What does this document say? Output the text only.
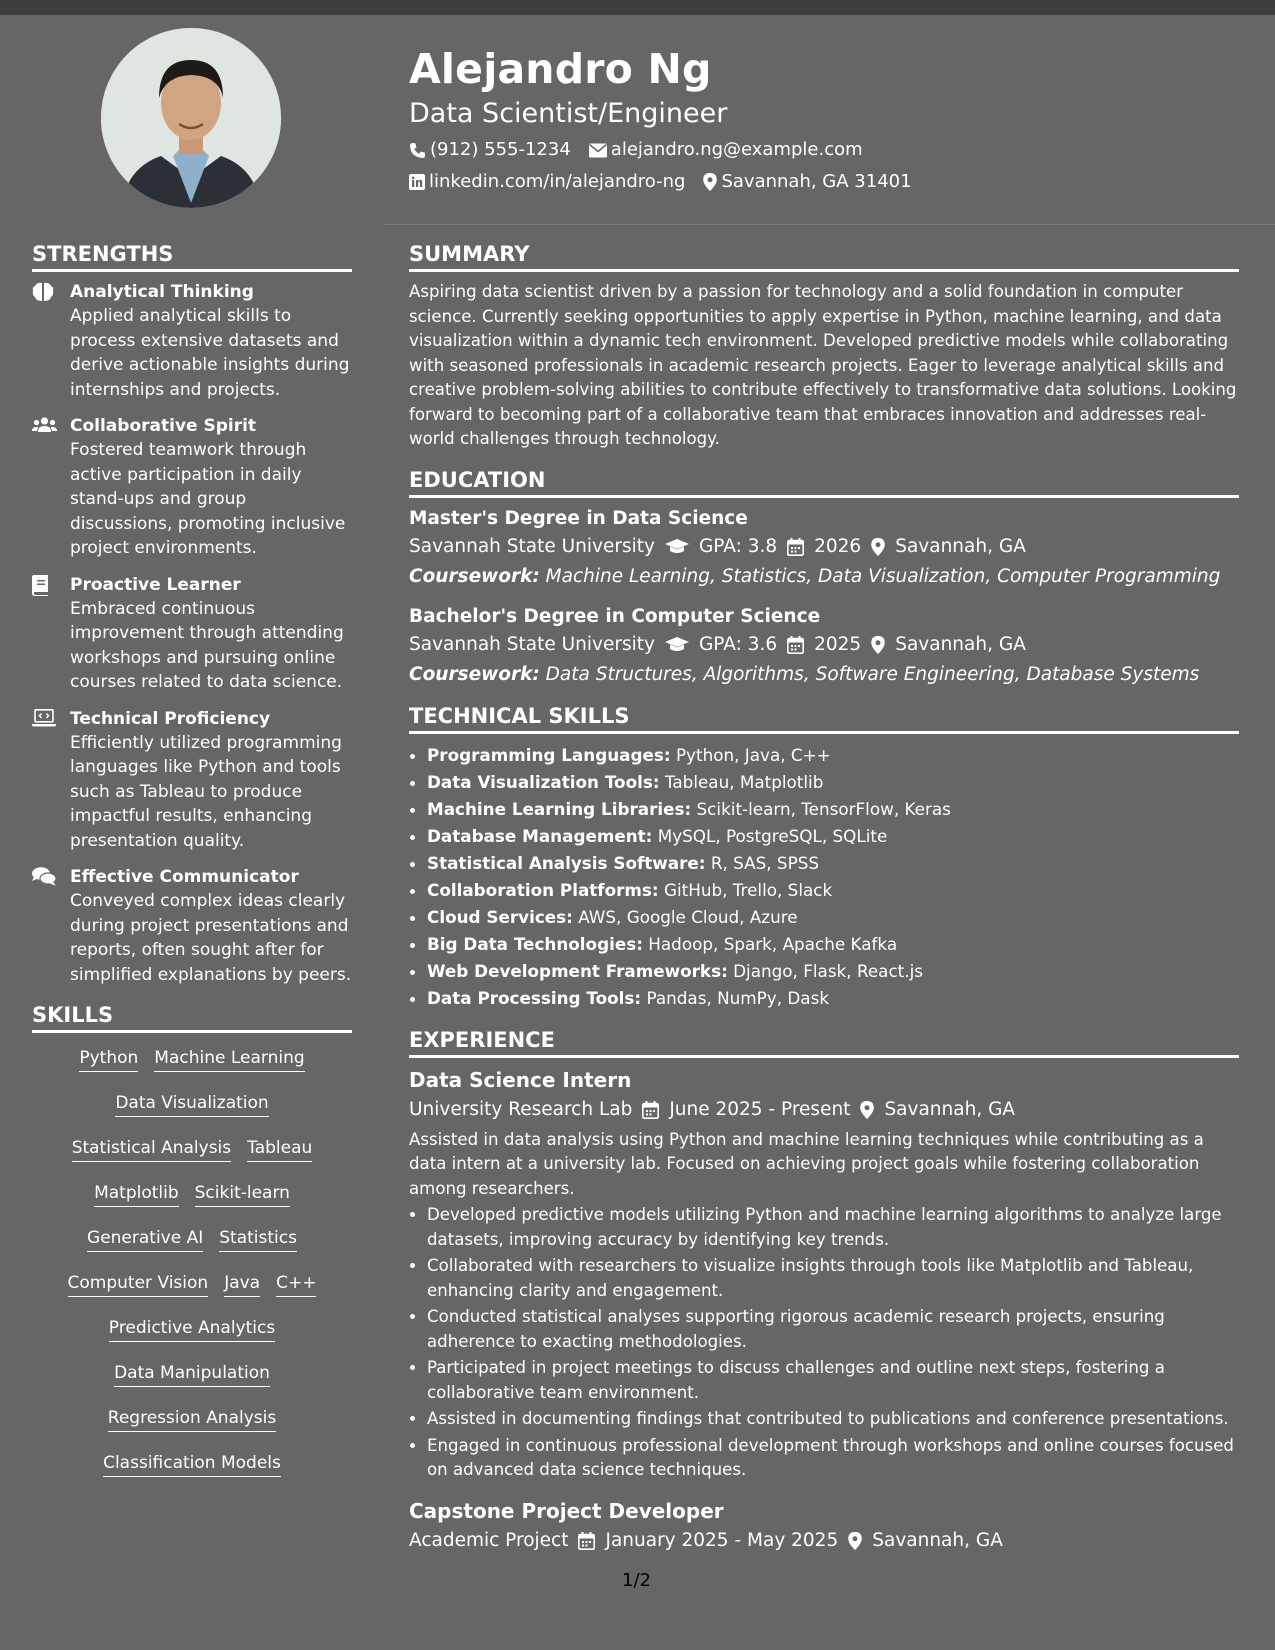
Alejandro Ng
Data Scientist/Engineer
(912) 555-1234 alejandro.ng@example.com
linkedin.com/in/alejandro-ng Savannah, GA 31401
STRENGTHS
Analytical Thinking
Applied analytical skills to process extensive datasets and derive actionable insights during internships and projects.
Collaborative Spirit
Fostered teamwork through active participation in daily stand-ups and group discussions, promoting inclusive project environments.
Proactive Learner
Embraced continuous improvement through attending workshops and pursuing online courses related to data science.
Technical Proficiency
Efficiently utilized programming languages like Python and tools such as Tableau to produce impactful results, enhancing presentation quality.
Effective Communicator
Conveyed complex ideas clearly during project presentations and reports, often sought after for simplified explanations by peers.
SKILLS
Python Machine Learning
Data Visualization
Statistical Analysis Tableau
Matplotlib Scikit-learn
Generative AI Statistics
Computer Vision Java C++
Predictive Analytics
Data Manipulation
Regression Analysis
Classification Models
SUMMARY
Aspiring data scientist driven by a passion for technology and a solid foundation in computer science. Currently seeking opportunities to apply expertise in Python, machine learning, and data visualization within a dynamic tech environment. Developed predictive models while collaborating with seasoned professionals in academic research projects. Eager to leverage analytical skills and creative problem-solving abilities to contribute effectively to transformative data solutions. Looking forward to becoming part of a collaborative team that embraces innovation and addresses real-world challenges through technology.
EDUCATION
Master's Degree in Data Science
Savannah State University GPA: 3.8 2026 Savannah, GA
Coursework: Machine Learning, Statistics, Data Visualization, Computer Programming
Bachelor's Degree in Computer Science
Savannah State University GPA: 3.6 2025 Savannah, GA
Coursework: Data Structures, Algorithms, Software Engineering, Database Systems
TECHNICAL SKILLS
• Programming Languages: Python, Java, C++
• Data Visualization Tools: Tableau, Matplotlib
• Machine Learning Libraries: Scikit-learn, TensorFlow, Keras
• Database Management: MySQL, PostgreSQL, SQLite
• Statistical Analysis Software: R, SAS, SPSS
• Collaboration Platforms: GitHub, Trello, Slack
• Cloud Services: AWS, Google Cloud, Azure
• Big Data Technologies: Hadoop, Spark, Apache Kafka
• Web Development Frameworks: Django, Flask, React.js
• Data Processing Tools: Pandas, NumPy, Dask
EXPERIENCE
Data Science Intern
University Research Lab June 2025 - Present Savannah, GA
Assisted in data analysis using Python and machine learning techniques while contributing as a data intern at a university lab. Focused on achieving project goals while fostering collaboration among researchers.
• Developed predictive models utilizing Python and machine learning algorithms to analyze large datasets, improving accuracy by identifying key trends.
• Collaborated with researchers to visualize insights through tools like Matplotlib and Tableau, enhancing clarity and engagement.
• Conducted statistical analyses supporting rigorous academic research projects, ensuring adherence to exacting methodologies.
• Participated in project meetings to discuss challenges and outline next steps, fostering a collaborative team environment.
• Assisted in documenting findings that contributed to publications and conference presentations.
• Engaged in continuous professional development through workshops and online courses focused on advanced data science techniques.
Capstone Project Developer
Academic Project January 2025 - May 2025 Savannah, GA
1/2
